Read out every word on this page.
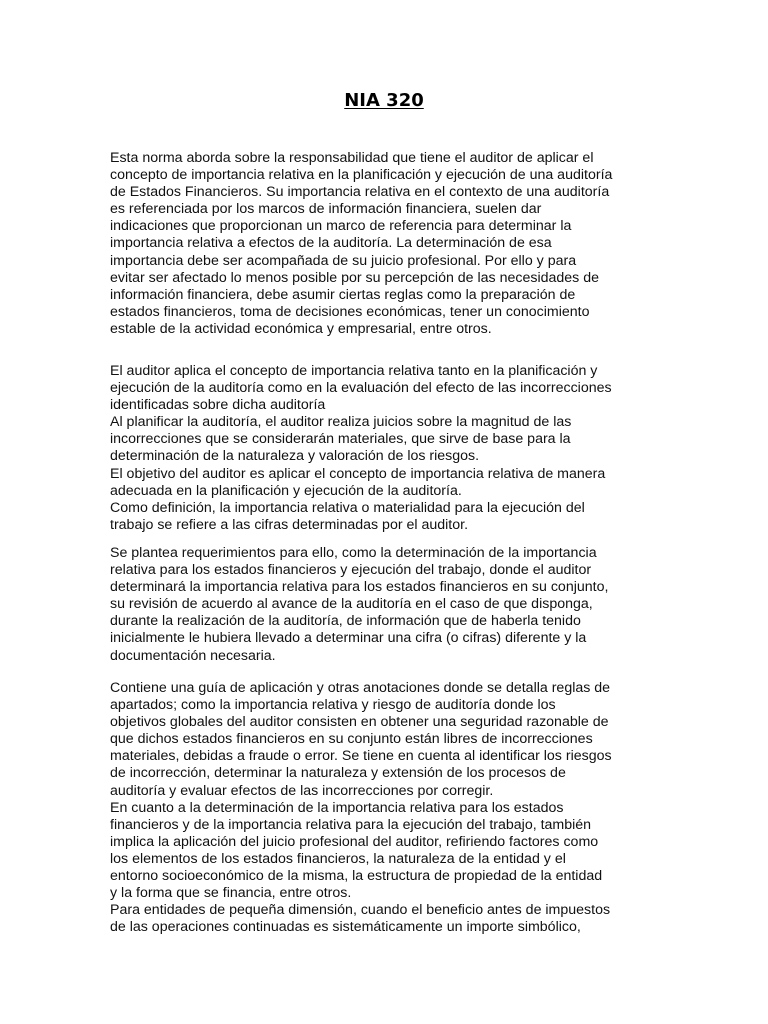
NIA 320
Esta norma aborda sobre la responsabilidad que tiene el auditor de aplicar el
concepto de importancia relativa en la planificación y ejecución de una auditoría
de Estados Financieros. Su importancia relativa en el contexto de una auditoría
es referenciada por los marcos de información financiera, suelen dar
indicaciones que proporcionan un marco de referencia para determinar la
importancia relativa a efectos de la auditoría. La determinación de esa
importancia debe ser acompañada de su juicio profesional. Por ello y para
evitar ser afectado lo menos posible por su percepción de las necesidades de
información financiera, debe asumir ciertas reglas como la preparación de
estados financieros, toma de decisiones económicas, tener un conocimiento
estable de la actividad económica y empresarial, entre otros.
El auditor aplica el concepto de importancia relativa tanto en la planificación y
ejecución de la auditoría como en la evaluación del efecto de las incorrecciones
identificadas sobre dicha auditoría
Al planificar la auditoría, el auditor realiza juicios sobre la magnitud de las
incorrecciones que se considerarán materiales, que sirve de base para la
determinación de la naturaleza y valoración de los riesgos.
El objetivo del auditor es aplicar el concepto de importancia relativa de manera
adecuada en la planificación y ejecución de la auditoría.
Como definición, la importancia relativa o materialidad para la ejecución del
trabajo se refiere a las cifras determinadas por el auditor.
Se plantea requerimientos para ello, como la determinación de la importancia
relativa para los estados financieros y ejecución del trabajo, donde el auditor
determinará la importancia relativa para los estados financieros en su conjunto,
su revisión de acuerdo al avance de la auditoría en el caso de que disponga,
durante la realización de la auditoría, de información que de haberla tenido
inicialmente le hubiera llevado a determinar una cifra (o cifras) diferente y la
documentación necesaria.
Contiene una guía de aplicación y otras anotaciones donde se detalla reglas de
apartados; como la importancia relativa y riesgo de auditoría donde los
objetivos globales del auditor consisten en obtener una seguridad razonable de
que dichos estados financieros en su conjunto están libres de incorrecciones
materiales, debidas a fraude o error. Se tiene en cuenta al identificar los riesgos
de incorrección, determinar la naturaleza y extensión de los procesos de
auditoría y evaluar efectos de las incorrecciones por corregir.
En cuanto a la determinación de la importancia relativa para los estados
financieros y de la importancia relativa para la ejecución del trabajo, también
implica la aplicación del juicio profesional del auditor, refiriendo factores como
los elementos de los estados financieros, la naturaleza de la entidad y el
entorno socioeconómico de la misma, la estructura de propiedad de la entidad
y la forma que se financia, entre otros.
Para entidades de pequeña dimensión, cuando el beneficio antes de impuestos
de las operaciones continuadas es sistemáticamente un importe simbólico,
